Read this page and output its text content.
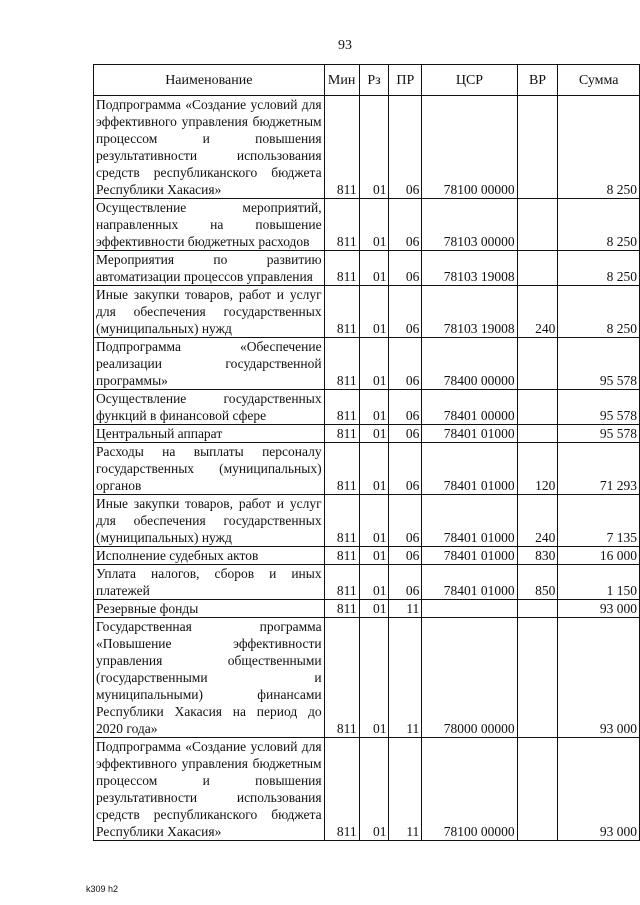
93
Наименование	Мин	Рз	ПР	ЦСР	ВР	Сумма
Подпрограмма «Создание условий для эффективного управления бюджетным процессом и повышения результативности использования средств республиканского бюджета Республики Хакасия»	811	01	06	78100 00000		8 250
Осуществление мероприятий, направленных на повышение эффективности бюджетных расходов	811	01	06	78103 00000		8 250
Мероприятия по развитию автоматизации процессов управления	811	01	06	78103 19008		8 250
Иные закупки товаров, работ и услуг для обеспечения государственных (муниципальных) нужд	811	01	06	78103 19008	240	8 250
Подпрограмма «Обеспечение реализации государственной программы»	811	01	06	78400 00000		95 578
Осуществление государственных функций в финансовой сфере	811	01	06	78401 00000		95 578
Центральный аппарат	811	01	06	78401 01000		95 578
Расходы на выплаты персоналу государственных (муниципальных) органов	811	01	06	78401 01000	120	71 293
Иные закупки товаров, работ и услуг для обеспечения государственных (муниципальных) нужд	811	01	06	78401 01000	240	7 135
Исполнение судебных актов	811	01	06	78401 01000	830	16 000
Уплата налогов, сборов и иных платежей	811	01	06	78401 01000	850	1 150
Резервные фонды	811	01	11			93 000
Государственная программа «Повышение эффективности управления общественными (государственными и муниципальными) финансами Республики Хакасия на период до 2020 года»	811	01	11	78000 00000		93 000
Подпрограмма «Создание условий для эффективного управления бюджетным процессом и повышения результативности использования средств республиканского бюджета Республики Хакасия»	811	01	11	78100 00000		93 000
k309 h2
